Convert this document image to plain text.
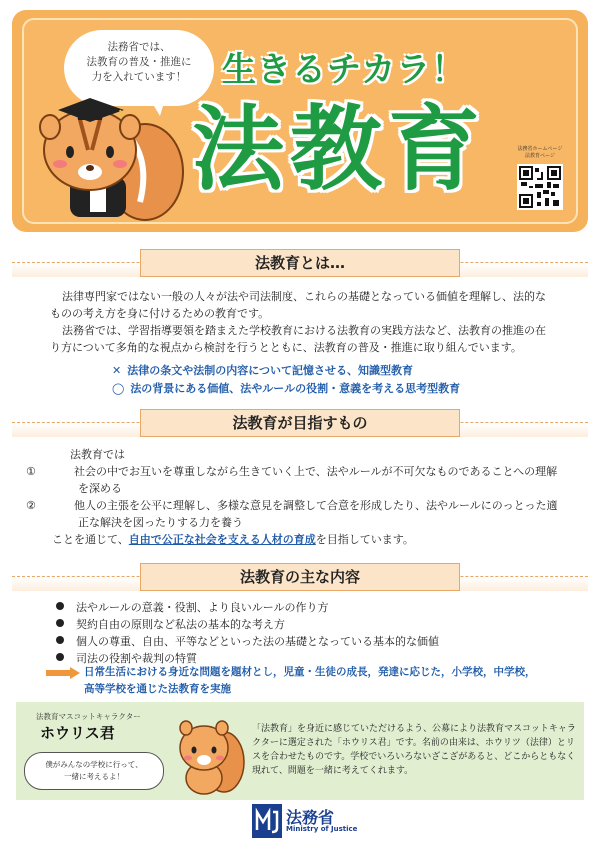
法務省では、
法教育の普及・推進に
力を入れています！	生きるチカラ！
法教育	法務省ホームページ
法教育ページ
法教育とは…
法律専門家ではない一般の人々が法や司法制度、これらの基礎となっている価値を理解し、法的なものの考え方を身に付けるための教育です。
法務省では、学習指導要領を踏まえた学校教育における法教育の実践方法など、法教育の推進の在り方について多角的な視点から検討を行うとともに、法教育の普及・推進に取り組んでいます。
✕ 法律の条文や法制の内容について記憶させる、知識型教育
◯ 法の背景にある価値、法やルールの役割・意義を考える思考型教育
法教育が目指すもの
法教育では
①	社会の中でお互いを尊重しながら生きていく上で、法やルールが不可欠なものであることへの理解を深める
②	他人の主張を公平に理解し、多様な意見を調整して合意を形成したり、法やルールにのっとった適正な解決を図ったりする力を養う
ことを通じて、自由で公正な社会を支える人材の育成を目指しています。
法教育の主な内容
法やルールの意義・役割、より良いルールの作り方
契約自由の原則など私法の基本的な考え方
個人の尊重、自由、平等などといった法の基礎となっている基本的な価値
司法の役割や裁判の特質
日常生活における身近な問題を題材とし，児童・生徒の成長，発達に応じた，小学校，中学校，
高等学校を通じた法教育を実施
法教育マスコットキャラクター
ホウリス君
僕がみんなの学校に行って、
一緒に考えるよ！
「法教育」を身近に感じていただけるよう、公募により法教育マスコットキャラクターに選定された「ホウリス君」です。名前の由来は、ホウリツ（法律）とリスを合わせたものです。学校でいろいろないざこざがあると、どこからともなく現れて、問題を一緒に考えてくれます。
法務省
Ministry of Justice
